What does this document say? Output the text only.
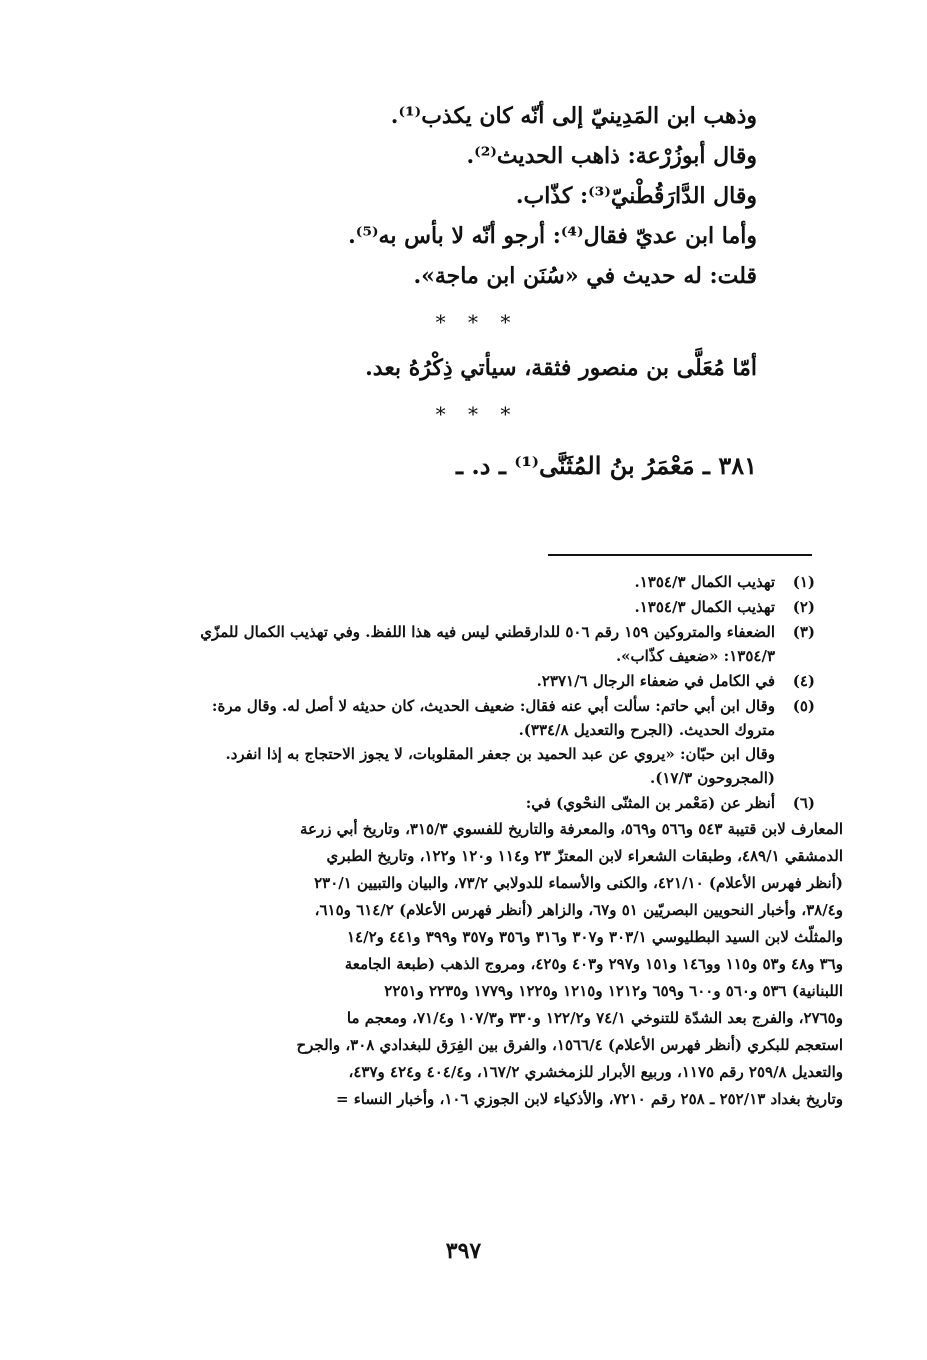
وذهب ابن المَدِينيّ إلى أنّه كان يكذب⁽¹⁾.
وقال أبوزُرْعة: ذاهب الحديث⁽²⁾.
وقال الدَّارَقُطْنيّ⁽³⁾: كذّاب.
وأما ابن عديّ فقال⁽⁴⁾: أرجو أنّه لا بأس به⁽⁵⁾.
قلت: له حديث في «سُنَن ابن ماجة».
* * *
أمّا مُعَلَّى بن منصور فثقة، سيأتي ذِكْرُهُ بعد.
* * *
٣٨١ ـ مَعْمَرُ بنُ المُثَنَّى⁽¹⁾ ـ د. ـ
(١)
تهذيب الكمال ١٣٥٤/٣.
(٢)
تهذيب الكمال ١٣٥٤/٣.
(٣)
الضعفاء والمتروكين ١٥٩ رقم ٥٠٦ للدارقطني ليس فيه هذا اللفظ. وفي تهذيب الكمال للمزّي
١٣٥٤/٣: «ضعيف كذّاب».
(٤)
في الكامل في ضعفاء الرجال ٢٣٧١/٦.
(٥)
وقال ابن أبي حاتم: سألت أبي عنه فقال: ضعيف الحديث، كان حديثه لا أصل له. وقال مرة:
متروك الحديث. (الجرح والتعديل ٣٣٤/٨).
وقال ابن حبّان: «يروي عن عبد الحميد بن جعفر المقلوبات، لا يجوز الاحتجاج به إذا انفرد.
(المجروحون ١٧/٣).
(٦)
أنظر عن (مَعْمر بن المثنّى النحْوي) في:
المعارف لابن قتيبة ٥٤٣ و٥٦٦ و٥٦٩، والمعرفة والتاريخ للفسوي ٣١٥/٣، وتاريخ أبي زرعة
الدمشقي ٤٨٩/١، وطبقات الشعراء لابن المعتزّ ٢٣ و١١٤ و١٢٠ و١٢٢، وتاريخ الطبري
(أنظر فهرس الأعلام) ٤٢١/١٠، والكنى والأسماء للدولابي ٧٣/٢، والبيان والتبيين ٢٣٠/١
و٣٨/٤، وأخبار النحويين البصريّين ٥١ و٦٧، والزاهر (أنظر فهرس الأعلام) ٦١٤/٢ و٦١٥،
والمثلّث لابن السيد البطليوسي ٣٠٣/١ و٣٠٧ و٣١٦ و٣٥٦ و٣٥٧ و٣٩٩ و٤٤١ و١٤/٢
و٣٦ و٤٨ و٥٣ و١١٥ وو١٤٦ و١٥١ و٢٩٧ و٤٠٣ و٤٢٥، ومروج الذهب (طبعة الجامعة
اللبنانية) ٥٣٦ و٥٦٠ و٦٠٠ و٦٥٩ و١٢١٢ و١٢١٥ و١٢٢٥ و١٧٧٩ و٢٢٣٥ و٢٢٥١
و٢٧٦٥، والفرج بعد الشدّة للتنوخي ٧٤/١ و١٢٢/٢ و٣٣٠ و١٠٧/٣ و٧١/٤، ومعجم ما
استعجم للبكري (أنظر فهرس الأعلام) ١٥٦٦/٤، والفرق بين الفِرَق للبغدادي ٣٠٨، والجرح
والتعديل ٢٥٩/٨ رقم ١١٧٥، وربيع الأبرار للزمخشري ١٦٧/٢، و٤٠٤/٤ و٤٢٤ و٤٣٧،
وتاريخ بغداد ٢٥٢/١٣ ـ ٢٥٨ رقم ٧٢١٠، والأذكياء لابن الجوزي ١٠٦، وأخبار النساء =
٣٩٧
